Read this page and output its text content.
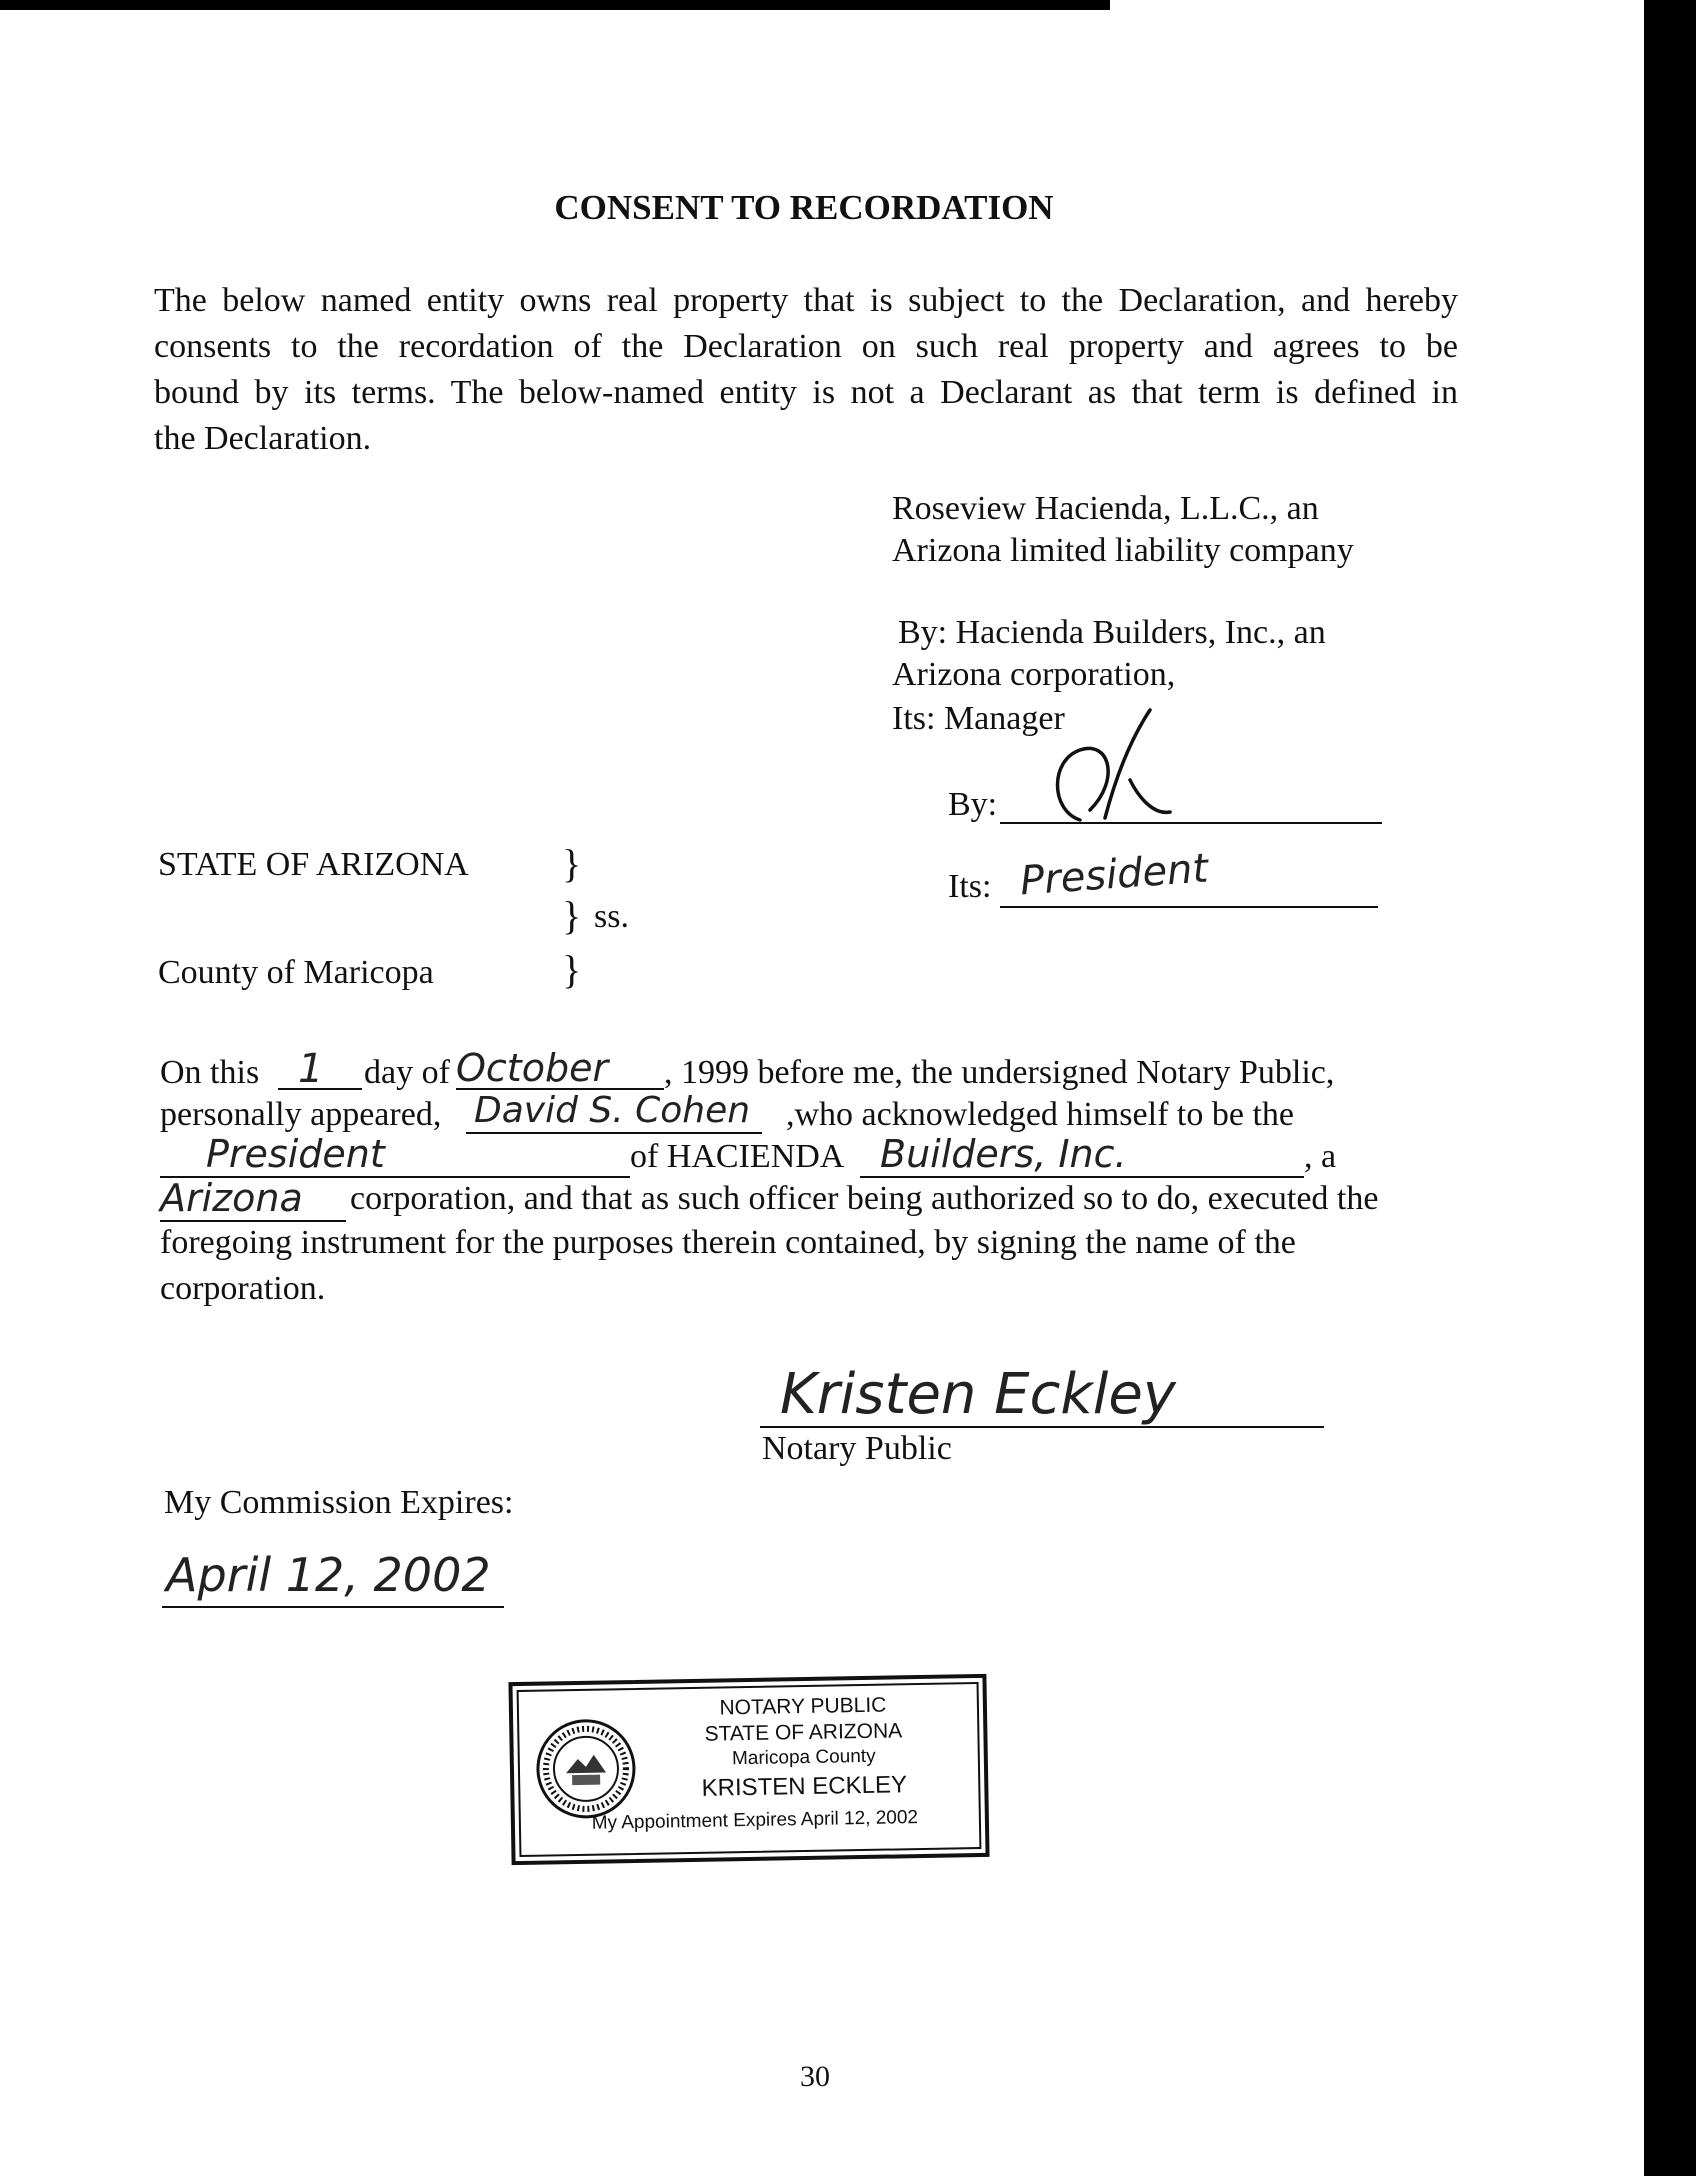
CONSENT TO RECORDATION
The below named entity owns real property that is subject to the Declaration, and hereby
consents to the recordation of the Declaration on such real property and agrees to be
bound by its terms. The below-named entity is not a Declarant as that term is defined in
the Declaration.
Roseview Hacienda, L.L.C., an
Arizona limited liability company
By: Hacienda Builders, Inc., an
Arizona corporation,
Its: Manager
By:
Its: President
STATE OF ARIZONA }
} ss.
County of Maricopa	}
On this 1 day of October , 1999 before me, the undersigned Notary Public,
personally appeared, David S. Cohen ,who acknowledged himself to be the
President	of HACIENDA Builders, Inc.	, a
Arizona corporation, and that as such officer being authorized so to do, executed the
foregoing instrument for the purposes therein contained, by signing the name of the
corporation.
Kristen Eckley
Notary Public
My Commission Expires:
April 12, 2002
NOTARY PUBLIC
STATE OF ARIZONA
Maricopa County
KRISTEN ECKLEY
My Appointment Expires April 12, 2002
30
